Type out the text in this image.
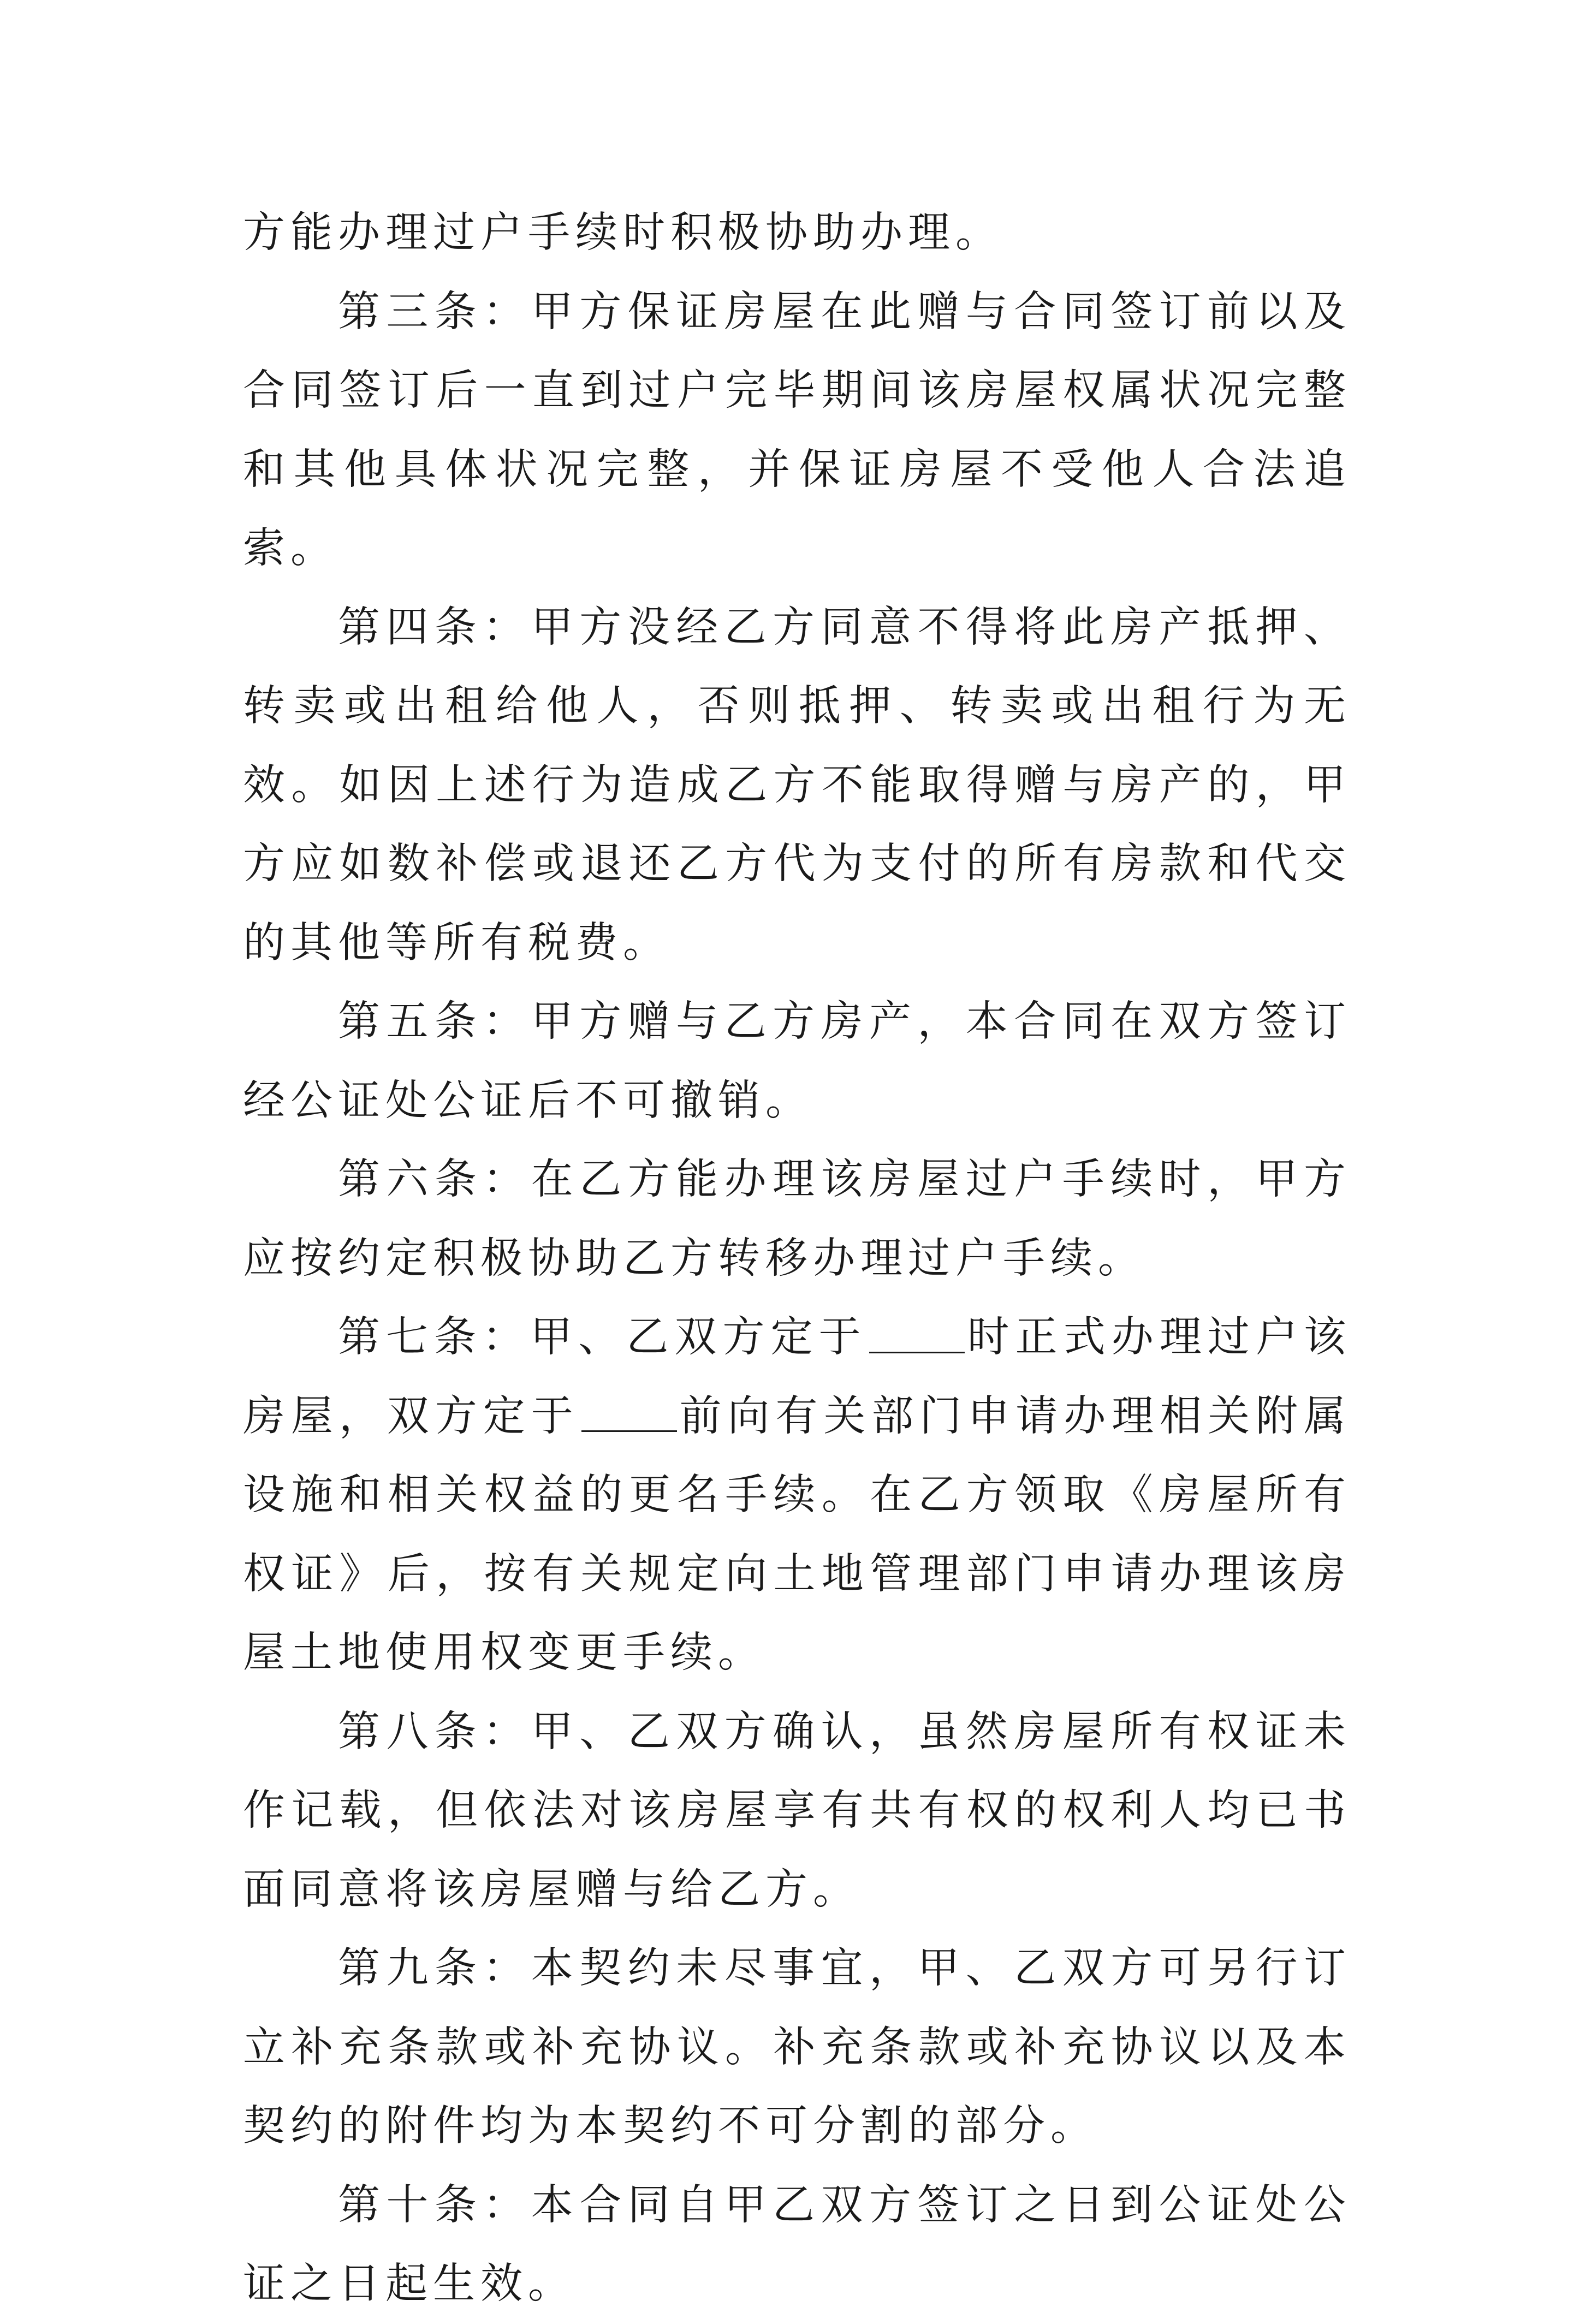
方能办理过户手续时积极协助办理。

第三条：甲方保证房屋在此赠与合同签订前以及合同签订后一直到过户完毕期间该房屋权属状况完整和其他具体状况完整，并保证房屋不受他人合法追索。

第四条：甲方没经乙方同意不得将此房产抵押、转卖或出租给他人，否则抵押、转卖或出租行为无效。如因上述行为造成乙方不能取得赠与房产的，甲方应如数补偿或退还乙方代为支付的所有房款和代交的其他等所有税费。

第五条：甲方赠与乙方房产，本合同在双方签订经公证处公证后不可撤销。

第六条：在乙方能办理该房屋过户手续时，甲方应按约定积极协助乙方转移办理过户手续。

第七条：甲、乙双方定于 时正式办理过户该房屋，双方定于 前向有关部门申请办理相关附属设施和相关权益的更名手续。在乙方领取《房屋所有权证》后，按有关规定向土地管理部门申请办理该房屋土地使用权变更手续。

第八条：甲、乙双方确认，虽然房屋所有权证未作记载，但依法对该房屋享有共有权的权利人均已书面同意将该房屋赠与给乙方。

第九条：本契约未尽事宜，甲、乙双方可另行订立补充条款或补充协议。补充条款或补充协议以及本契约的附件均为本契约不可分割的部分。

第十条：本合同自甲乙双方签订之日到公证处公证之日起生效。
